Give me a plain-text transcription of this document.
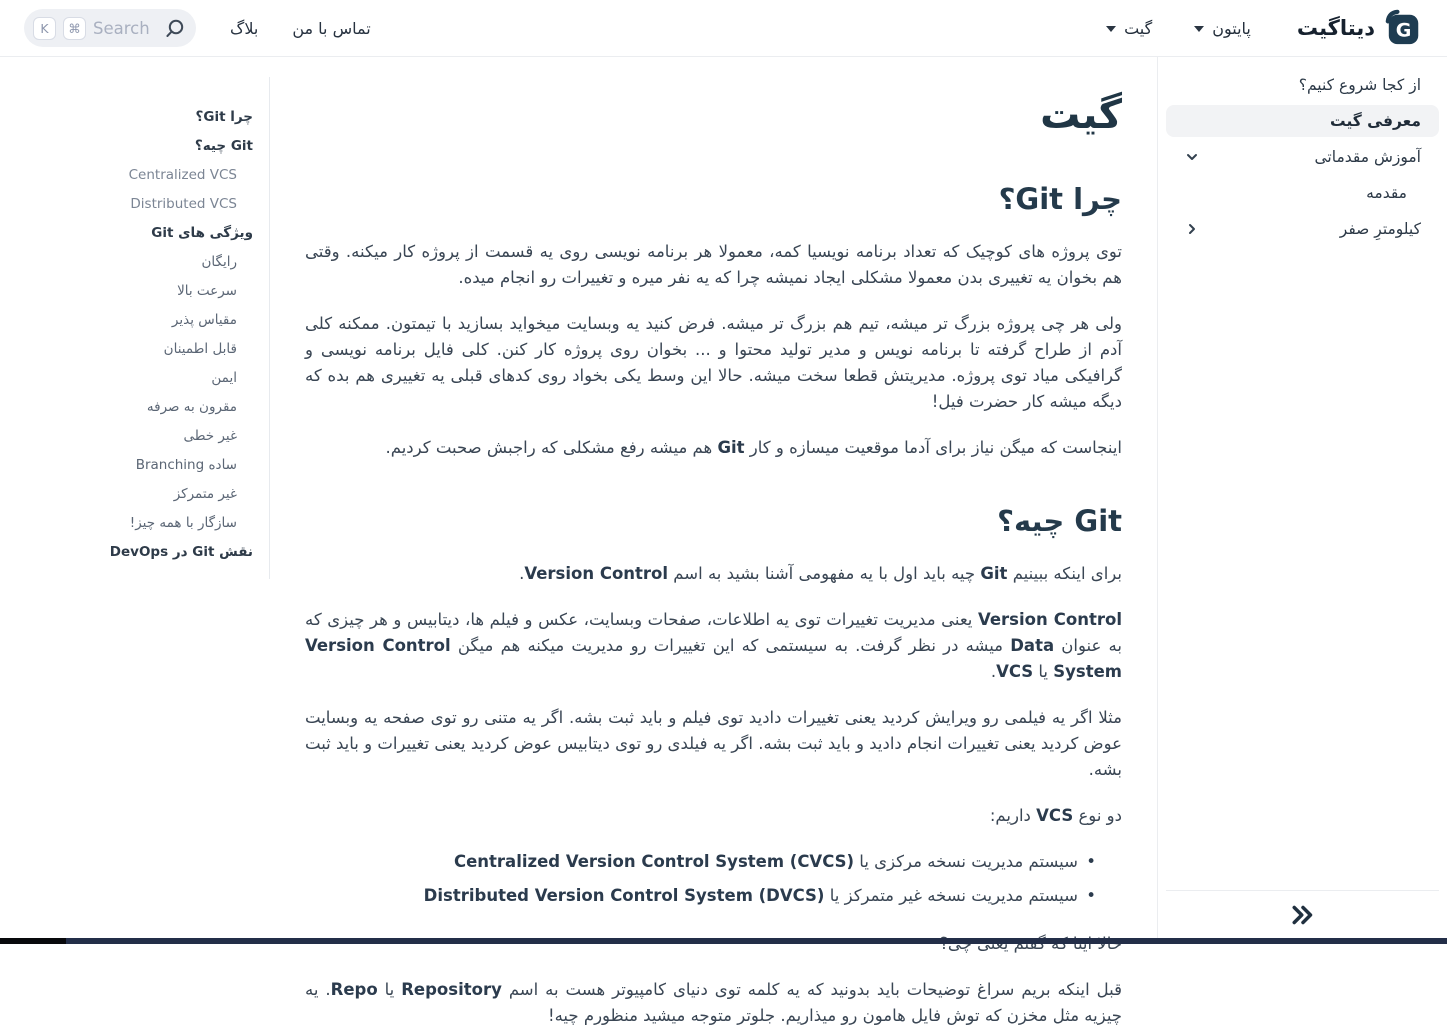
G
دیتاگیت
پایتون
گیت
تماس با من
بلاگ
K	⌘
Search
از کجا شروع کنیم؟
معرفی گیت
آموزش مقدماتی
مقدمه
کیلومترِ صفر
گیت
چرا Git؟

توی پروژه های کوچیک که تعداد برنامه نویسیا کمه، معمولا هر برنامه نویسی روی یه قسمت از پروژه کار میکنه. وقتی هم بخوان یه تغییری بدن معمولا مشکلی ایجاد نمیشه چرا که یه نفر میره و تغییرات رو انجام میده.

ولی هر چی پروژه بزرگ تر میشه، تیم هم بزرگ تر میشه. فرض کنید یه وبسایت میخواید بسازید با تیمتون. ممکنه کلی آدم از طراح گرفته تا برنامه نویس و مدیر تولید محتوا و ... بخوان روی پروژه کار کنن. کلی فایل برنامه نویسی و گرافیکی میاد توی پروژه. مدیریتش قطعا سخت میشه. حالا این وسط یکی بخواد روی کدهای قبلی یه تغییری هم بده که دیگه میشه کار حضرت فیل!

اینجاست که میگن نیاز برای آدما موقعیت میسازه و کار Git هم میشه رفع مشکلی که راجبش صحبت کردیم.

Git چیه؟

برای اینکه ببینیم Git چیه باید اول با یه مفهومی آشنا بشید به اسم Version Control.

Version Control یعنی مدیریت تغییرات توی یه اطلاعات، صفحات وبسایت، عکس و فیلم ها، دیتابیس و هر چیزی که به عنوان Data میشه در نظر گرفت. به سیستمی که این تغییرات رو مدیریت میکنه هم میگن Version Control System یا VCS.

مثلا اگر یه فیلمی رو ویرایش کردید یعنی تغییرات دادید توی فیلم و باید ثبت بشه. اگر یه متنی رو توی صفحه یه وبسایت عوض کردید یعنی تغییرات انجام دادید و باید ثبت بشه. اگر یه فیلدی رو توی دیتابیس عوض کردید یعنی تغییرات و باید ثبت بشه.

دو نوع VCS داریم:

• سیستم مدیریت نسخه مرکزی یا Centralized Version Control System (CVCS)
• سیستم مدیریت نسخه غیر متمرکز یا Distributed Version Control System (DVCS)

قبل اینکه بریم سراغ توضیحات باید بدونید که یه کلمه توی دنیای کامپیوتر هست به اسم Repository یا Repo. یه چیزیه مثل مخزن که توش فایل هامون رو میذاریم. جلوتر متوجه میشید منظورم چیه!

چرا Git؟
Git چیه؟
Centralized VCS
Distributed VCS
ویژگی های Git
رایگان
سرعت بالا
مقیاس پذیر
قابل اطمینان
ایمن
مقرون به صرفه
غیر خطی
Branching ساده
غیر متمرکز
سازگار با همه چیز!
نقش Git در DevOps
